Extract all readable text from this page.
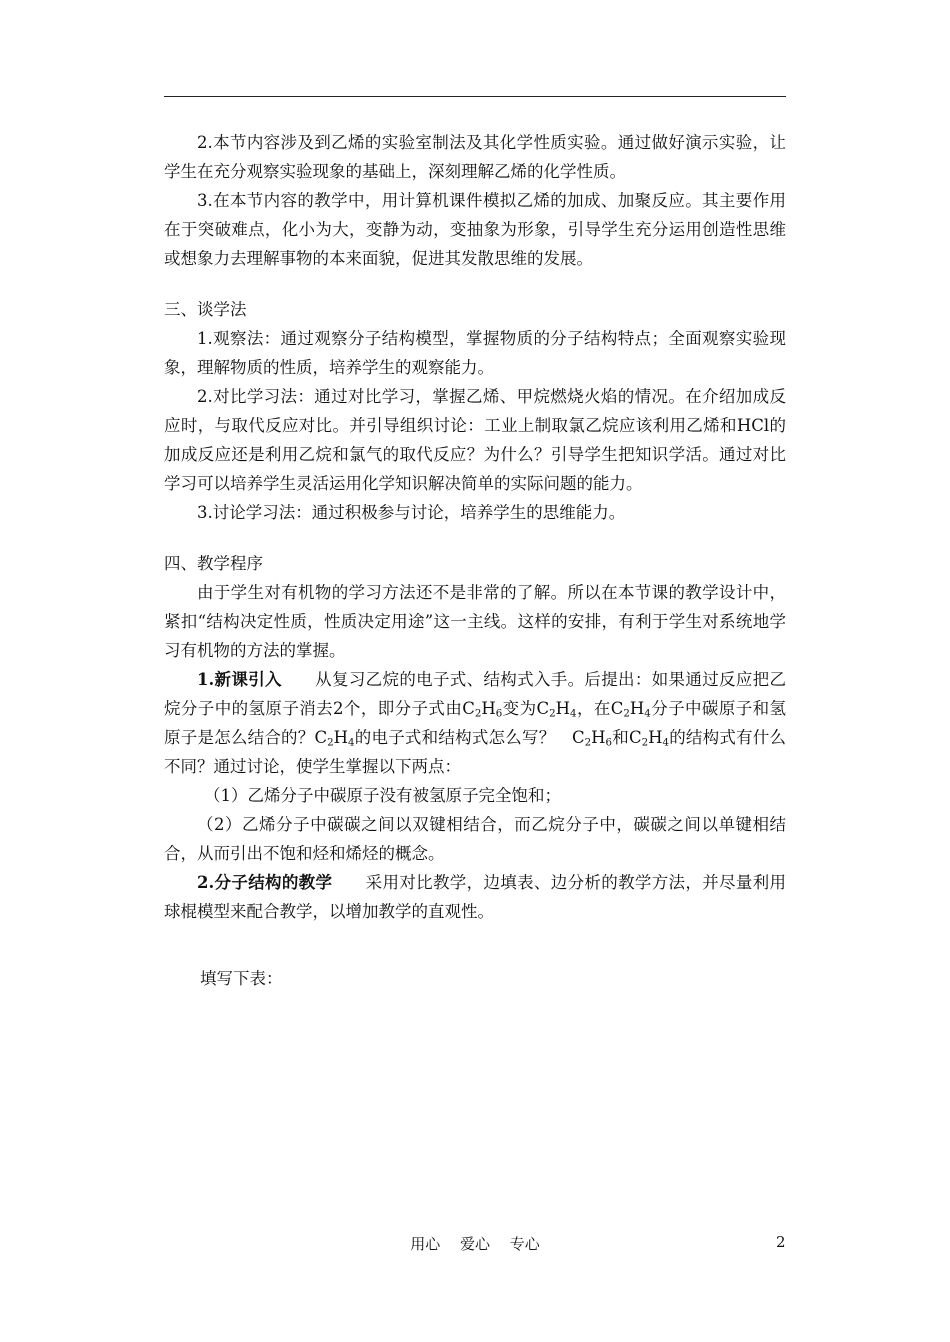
2.本节内容涉及到乙烯的实验室制法及其化学性质实验。通过做好演示实验，让学生在充分观察实验现象的基础上，深刻理解乙烯的化学性质。

3.在本节内容的教学中，用计算机课件模拟乙烯的加成、加聚反应。其主要作用在于突破难点，化小为大，变静为动，变抽象为形象，引导学生充分运用创造性思维或想象力去理解事物的本来面貌，促进其发散思维的发展。

三、谈学法

1.观察法：通过观察分子结构模型，掌握物质的分子结构特点；全面观察实验现象，理解物质的性质，培养学生的观察能力。

2.对比学习法：通过对比学习，掌握乙烯、甲烷燃烧火焰的情况。在介绍加成反应时，与取代反应对比。并引导组织讨论：工业上制取氯乙烷应该利用乙烯和HCl的加成反应还是利用乙烷和氯气的取代反应？为什么？引导学生把知识学活。通过对比学习可以培养学生灵活运用化学知识解决简单的实际问题的能力。

3.讨论学习法：通过积极参与讨论，培养学生的思维能力。

四、教学程序

由于学生对有机物的学习方法还不是非常的了解。所以在本节课的教学设计中，紧扣“结构决定性质，性质决定用途”这一主线。这样的安排，有利于学生对系统地学习有机物的方法的掌握。

1.新课引入   从复习乙烷的电子式、结构式入手。后提出：如果通过反应把乙烷分子中的氢原子消去2个，即分子式由$C_2H_6$变为$C_2H_4$，在$C_2H_4$分子中碳原子和氢原子是怎么结合的？$C_2H_4$的电子式和结构式怎么写？  $C_2H_6$和$C_2H_4$的结构式有什么不同？通过讨论，使学生掌握以下两点：

（1）乙烯分子中碳原子没有被氢原子完全饱和；

（2）乙烯分子中碳碳之间以双键相结合，而乙烷分子中，碳碳之间以单键相结合，从而引出不饱和烃和烯烃的概念。

2.分子结构的教学   采用对比教学，边填表、边分析的教学方法，并尽量利用球棍模型来配合教学，以增加教学的直观性。

填写下表：

用心 爱心 专心	2
